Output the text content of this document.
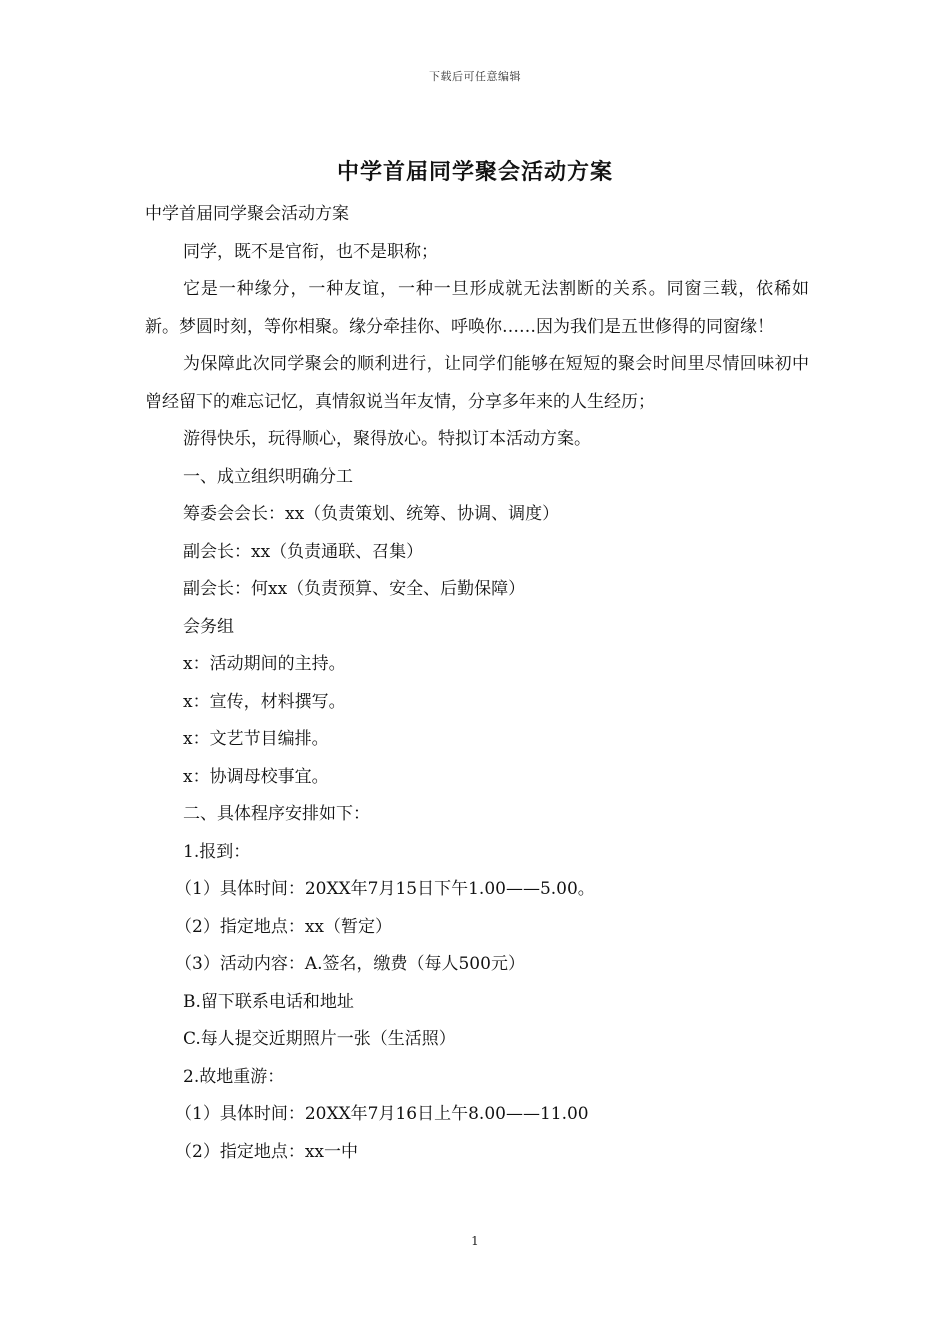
下载后可任意编辑
中学首届同学聚会活动方案

中学首届同学聚会活动方案

同学，既不是官衔，也不是职称；

它是一种缘分，一种友谊，一种一旦形成就无法割断的关系。同窗三载，依稀如新。梦圆时刻，等你相聚。缘分牵挂你、呼唤你……因为我们是五世修得的同窗缘！

为保障此次同学聚会的顺利进行，让同学们能够在短短的聚会时间里尽情回味初中曾经留下的难忘记忆，真情叙说当年友情，分享多年来的人生经历；

游得快乐，玩得顺心，聚得放心。特拟订本活动方案。

一、成立组织明确分工

筹委会会长：xx（负责策划、统筹、协调、调度）

副会长：xx（负责通联、召集）

副会长：何xx（负责预算、安全、后勤保障）

会务组

x：活动期间的主持。

x：宣传，材料撰写。

x：文艺节目编排。

x：协调母校事宜。

二、具体程序安排如下：

1.报到：

（1）具体时间：20XX年7月15日下午1.00——5.00。

（2）指定地点：xx（暂定）

（3）活动内容：A.签名，缴费（每人500元）

B.留下联系电话和地址

C.每人提交近期照片一张（生活照）

2.故地重游：

（1）具体时间：20XX年7月16日上午8.00——11.00

（2）指定地点：xx一中

1
